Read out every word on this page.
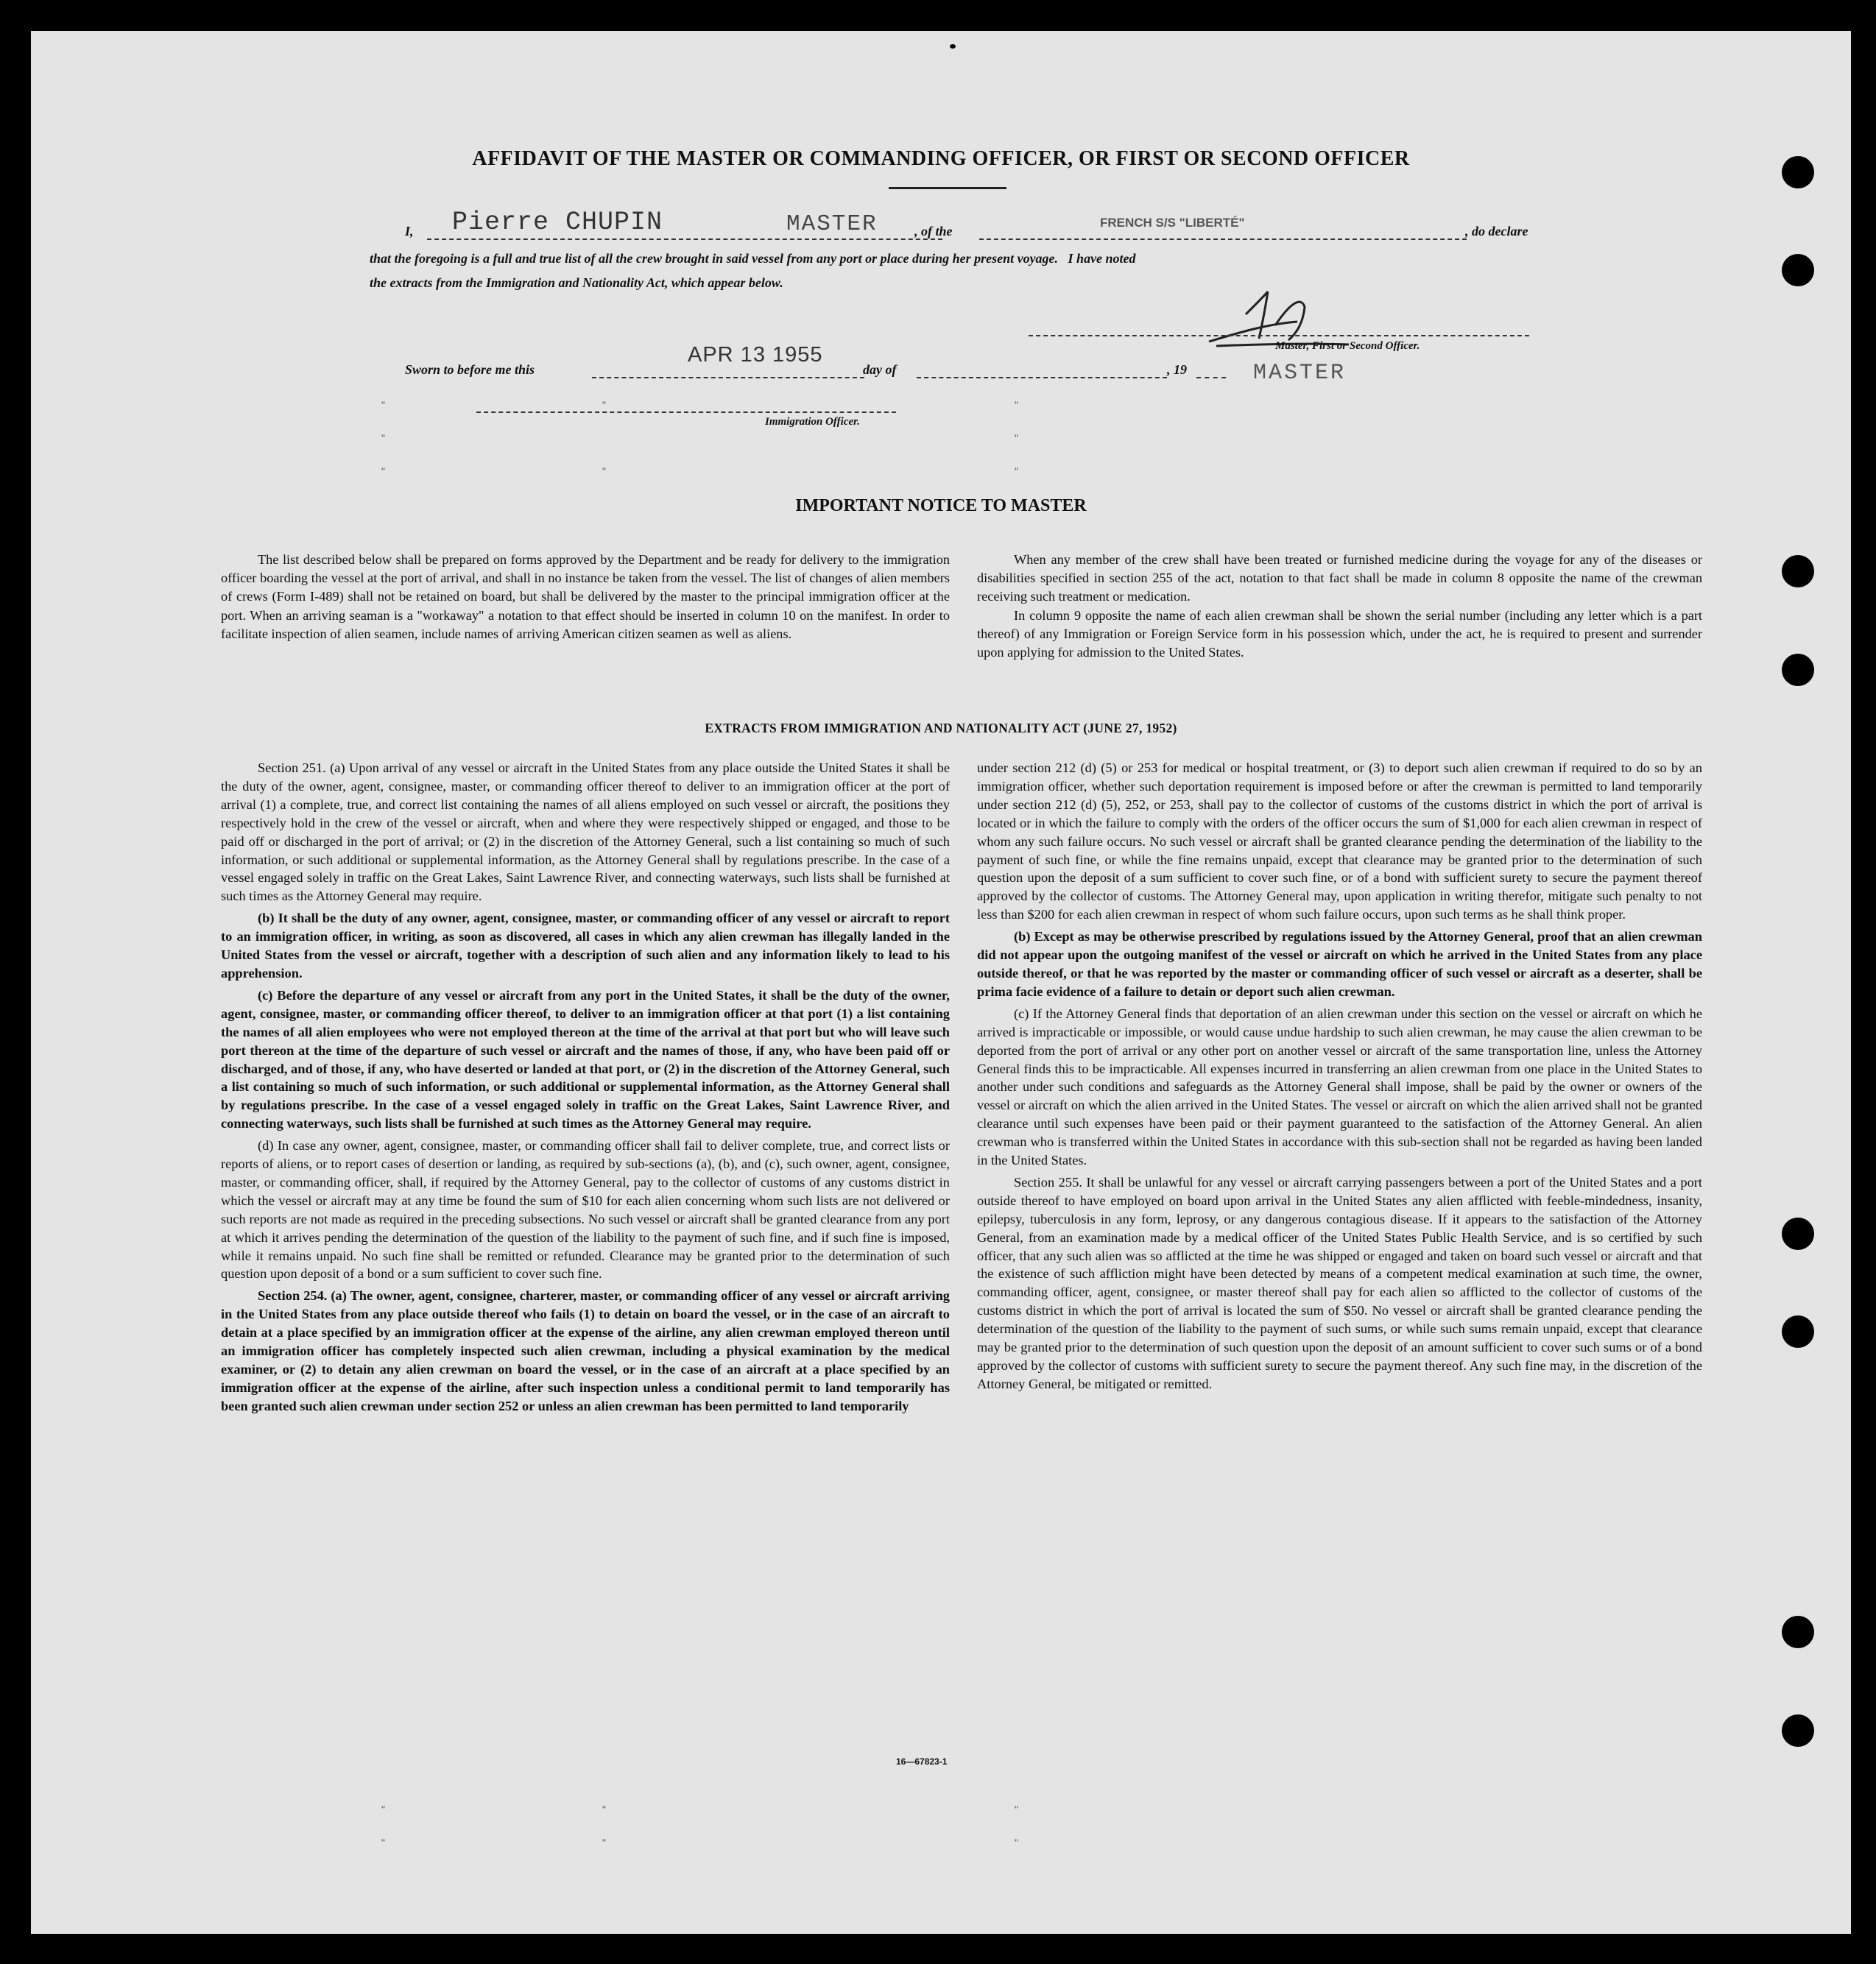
AFFIDAVIT OF THE MASTER OR COMMANDING OFFICER, OR FIRST OR SECOND OFFICER
I, Pierre CHUPIN	MASTER	, of the
FRENCH S/S "LIBERTÉ"
, do declare
that the foregoing is a full and true list of all the crew brought in said vessel from any port or place during her present voyage.   I have noted
the extracts from the Immigration and Nationality Act, which appear below.
Master, First or Second Officer.
MASTER
Sworn to before me this
APR 13 1955
day of	, 19
Immigration Officer.
"	"	"
"	"
"	"	"
"	"	"
"	"	"
IMPORTANT NOTICE TO MASTER

The list described below shall be prepared on forms approved by the Department and be ready for delivery to the immigration officer boarding the vessel at the port of arrival, and shall in no instance be taken from the vessel. The list of changes of alien members of crews (Form I-489) shall not be retained on board, but shall be delivered by the master to the principal immigration officer at the port. When an arriving seaman is a "workaway" a notation to that effect should be inserted in column 10 on the manifest. In order to facilitate inspection of alien seamen, include names of arriving American citizen seamen as well as aliens.

When any member of the crew shall have been treated or furnished medicine during the voyage for any of the diseases or disabilities specified in section 255 of the act, notation to that fact shall be made in column 8 opposite the name of the crewman receiving such treatment or medication.

In column 9 opposite the name of each alien crewman shall be shown the serial number (including any letter which is a part thereof) of any Immigration or Foreign Service form in his possession which, under the act, he is required to present and surrender upon applying for admission to the United States.

EXTRACTS FROM IMMIGRATION AND NATIONALITY ACT (JUNE 27, 1952)

Section 251. (a) Upon arrival of any vessel or aircraft in the United States from any place outside the United States it shall be the duty of the owner, agent, consignee, master, or commanding officer thereof to deliver to an immigration officer at the port of arrival (1) a complete, true, and correct list containing the names of all aliens employed on such vessel or aircraft, the positions they respectively hold in the crew of the vessel or aircraft, when and where they were respectively shipped or engaged, and those to be paid off or discharged in the port of arrival; or (2) in the discretion of the Attorney General, such a list containing so much of such information, or such additional or supplemental information, as the Attorney General shall by regulations prescribe. In the case of a vessel engaged solely in traffic on the Great Lakes, Saint Lawrence River, and connecting waterways, such lists shall be furnished at such times as the Attorney General may require.

(b) It shall be the duty of any owner, agent, consignee, master, or commanding officer of any vessel or aircraft to report to an immigration officer, in writing, as soon as discovered, all cases in which any alien crewman has illegally landed in the United States from the vessel or aircraft, together with a description of such alien and any information likely to lead to his apprehension.

(c) Before the departure of any vessel or aircraft from any port in the United States, it shall be the duty of the owner, agent, consignee, master, or commanding officer thereof, to deliver to an immigration officer at that port (1) a list containing the names of all alien employees who were not employed thereon at the time of the arrival at that port but who will leave such port thereon at the time of the departure of such vessel or aircraft and the names of those, if any, who have been paid off or discharged, and of those, if any, who have deserted or landed at that port, or (2) in the discretion of the Attorney General, such a list containing so much of such information, or such additional or supplemental information, as the Attorney General shall by regulations prescribe. In the case of a vessel engaged solely in traffic on the Great Lakes, Saint Lawrence River, and connecting waterways, such lists shall be furnished at such times as the Attorney General may require.

(d) In case any owner, agent, consignee, master, or commanding officer shall fail to deliver complete, true, and correct lists or reports of aliens, or to report cases of desertion or landing, as required by sub-sections (a), (b), and (c), such owner, agent, consignee, master, or commanding officer, shall, if required by the Attorney General, pay to the collector of customs of any customs district in which the vessel or aircraft may at any time be found the sum of $10 for each alien concerning whom such lists are not delivered or such reports are not made as required in the preceding subsections. No such vessel or aircraft shall be granted clearance from any port at which it arrives pending the determination of the question of the liability to the payment of such fine, and if such fine is imposed, while it remains unpaid. No such fine shall be remitted or refunded. Clearance may be granted prior to the determination of such question upon deposit of a bond or a sum sufficient to cover such fine.

Section 254. (a) The owner, agent, consignee, charterer, master, or commanding officer of any vessel or aircraft arriving in the United States from any place outside thereof who fails (1) to detain on board the vessel, or in the case of an aircraft to detain at a place specified by an immigration officer at the expense of the airline, any alien crewman employed thereon until an immigration officer has completely inspected such alien crewman, including a physical examination by the medical examiner, or (2) to detain any alien crewman on board the vessel, or in the case of an aircraft at a place specified by an immigration officer at the expense of the airline, after such inspection unless a conditional permit to land temporarily has been granted such alien crewman under section 252 or unless an alien crewman has been permitted to land temporarily

under section 212 (d) (5) or 253 for medical or hospital treatment, or (3) to deport such alien crewman if required to do so by an immigration officer, whether such deportation requirement is imposed before or after the crewman is permitted to land temporarily under section 212 (d) (5), 252, or 253, shall pay to the collector of customs of the customs district in which the port of arrival is located or in which the failure to comply with the orders of the officer occurs the sum of $1,000 for each alien crewman in respect of whom any such failure occurs. No such vessel or aircraft shall be granted clearance pending the determination of the liability to the payment of such fine, or while the fine remains unpaid, except that clearance may be granted prior to the determination of such question upon the deposit of a sum sufficient to cover such fine, or of a bond with sufficient surety to secure the payment thereof approved by the collector of customs. The Attorney General may, upon application in writing therefor, mitigate such penalty to not less than $200 for each alien crewman in respect of whom such failure occurs, upon such terms as he shall think proper.

(b) Except as may be otherwise prescribed by regulations issued by the Attorney General, proof that an alien crewman did not appear upon the outgoing manifest of the vessel or aircraft on which he arrived in the United States from any place outside thereof, or that he was reported by the master or commanding officer of such vessel or aircraft as a deserter, shall be prima facie evidence of a failure to detain or deport such alien crewman.

(c) If the Attorney General finds that deportation of an alien crewman under this section on the vessel or aircraft on which he arrived is impracticable or impossible, or would cause undue hardship to such alien crewman, he may cause the alien crewman to be deported from the port of arrival or any other port on another vessel or aircraft of the same transportation line, unless the Attorney General finds this to be impracticable. All expenses incurred in transferring an alien crewman from one place in the United States to another under such conditions and safeguards as the Attorney General shall impose, shall be paid by the owner or owners of the vessel or aircraft on which the alien arrived in the United States. The vessel or aircraft on which the alien arrived shall not be granted clearance until such expenses have been paid or their payment guaranteed to the satisfaction of the Attorney General. An alien crewman who is transferred within the United States in accordance with this sub-section shall not be regarded as having been landed in the United States.

Section 255. It shall be unlawful for any vessel or aircraft carrying passengers between a port of the United States and a port outside thereof to have employed on board upon arrival in the United States any alien afflicted with feeble-mindedness, insanity, epilepsy, tuberculosis in any form, leprosy, or any dangerous contagious disease. If it appears to the satisfaction of the Attorney General, from an examination made by a medical officer of the United States Public Health Service, and is so certified by such officer, that any such alien was so afflicted at the time he was shipped or engaged and taken on board such vessel or aircraft and that the existence of such affliction might have been detected by means of a competent medical examination at such time, the owner, commanding officer, agent, consignee, or master thereof shall pay for each alien so afflicted to the collector of customs of the customs district in which the port of arrival is located the sum of $50. No vessel or aircraft shall be granted clearance pending the determination of the question of the liability to the payment of such sums, or while such sums remain unpaid, except that clearance may be granted prior to the determination of such question upon the deposit of an amount sufficient to cover such sums or of a bond approved by the collector of customs with sufficient surety to secure the payment thereof. Any such fine may, in the discretion of the Attorney General, be mitigated or remitted.

16—67823-1
